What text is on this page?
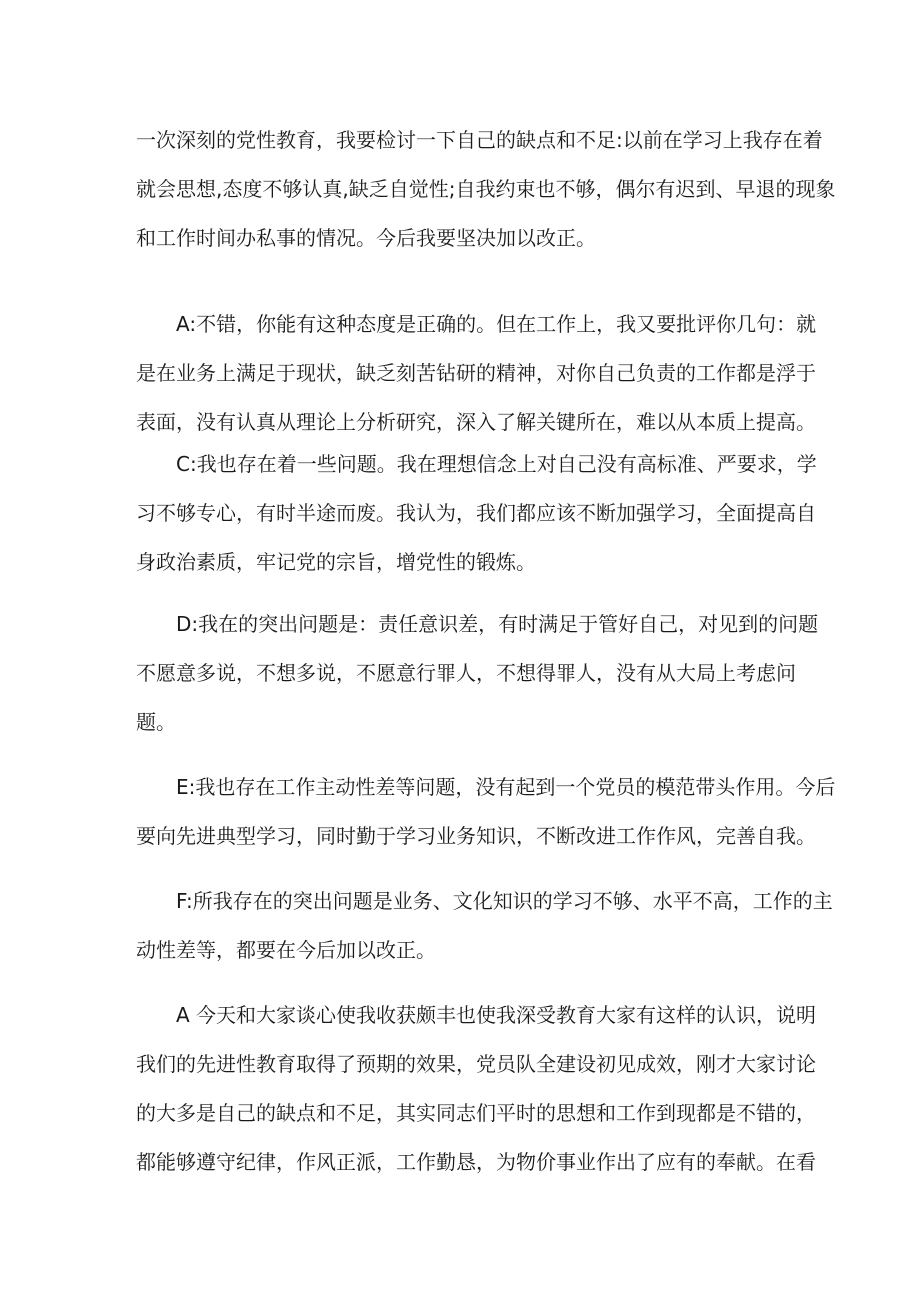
一次深刻的党性教育，我要检讨一下自己的缺点和不足:以前在学习上我存在着
就会思想,态度不够认真,缺乏自觉性;自我约束也不够，偶尔有迟到、早退的现象
和工作时间办私事的情况。今后我要坚决加以改正。
A:不错，你能有这种态度是正确的。但在工作上，我又要批评你几句：就
是在业务上满足于现状，缺乏刻苦钻研的精神，对你自己负责的工作都是浮于
表面，没有认真从理论上分析研究，深入了解关键所在，难以从本质上提高。
C:我也存在着一些问题。我在理想信念上对自己没有高标准、严要求，学
习不够专心，有时半途而废。我认为，我们都应该不断加强学习，全面提高自
身政治素质，牢记党的宗旨，增党性的锻炼。
D:我在的突出问题是：责任意识差，有时满足于管好自己，对见到的问题
不愿意多说，不想多说，不愿意行罪人，不想得罪人，没有从大局上考虑问
题。
E:我也存在工作主动性差等问题，没有起到一个党员的模范带头作用。今后
要向先进典型学习，同时勤于学习业务知识，不断改进工作作风，完善自我。
F:所我存在的突出问题是业务、文化知识的学习不够、水平不高，工作的主
动性差等，都要在今后加以改正。
A 今天和大家谈心使我收获颇丰也使我深受教育大家有这样的认识，说明
我们的先进性教育取得了预期的效果，党员队全建设初见成效，刚才大家讨论
的大多是自己的缺点和不足，其实同志们平时的思想和工作到现都是不错的，
都能够遵守纪律，作风正派，工作勤恳，为物价事业作出了应有的奉献。在看
